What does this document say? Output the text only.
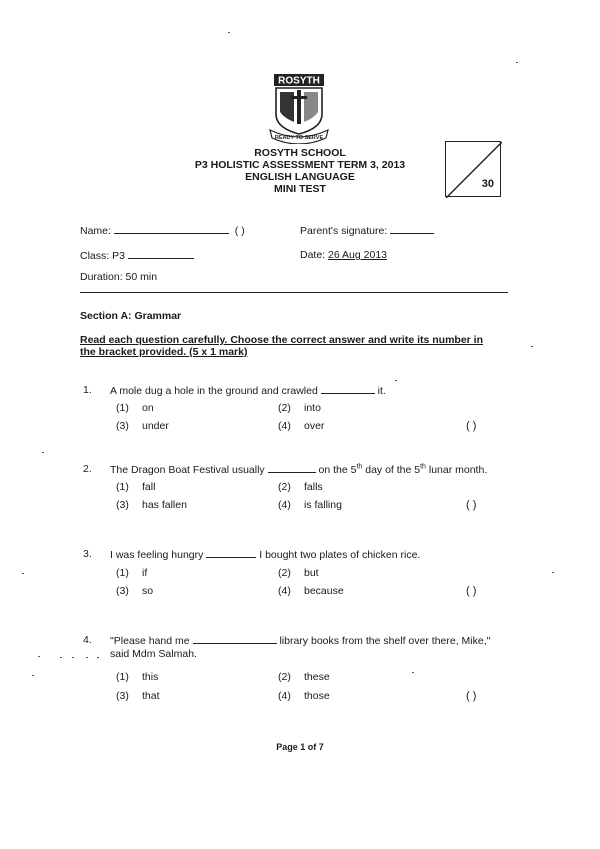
ROSYTH
READY TO SERVE
ROSYTH SCHOOL
P3 HOLISTIC ASSESSMENT TERM 3, 2013
ENGLISH LANGUAGE
MINI TEST	30
Name:	( )	Parent's signature:
Class: P3	Date: 26 Aug 2013
Duration: 50 min
Section A: Grammar
Read each question carefully. Choose the correct answer and write its number in
the bracket provided. (5 x 1 mark)
1. A mole dug a hole in the ground and crawled	it.
(1) on	(2) into
(3) under	(4) over	( )
2. The Dragon Boat Festival usually	on the 5th day of the 5th lunar month.
(1) fall	(2) falls
(3) has fallen	(4) is falling	( )
3. I was feeling hungry	I bought two plates of chicken rice.
(1) if	(2) but
(3) so	(4) because	( )
4. "Please hand me	library books from the shelf over there, Mike,"
said Mdm Salmah.
(1) this	(2) these
(3) that	(4) those	( )
Page 1 of 7
